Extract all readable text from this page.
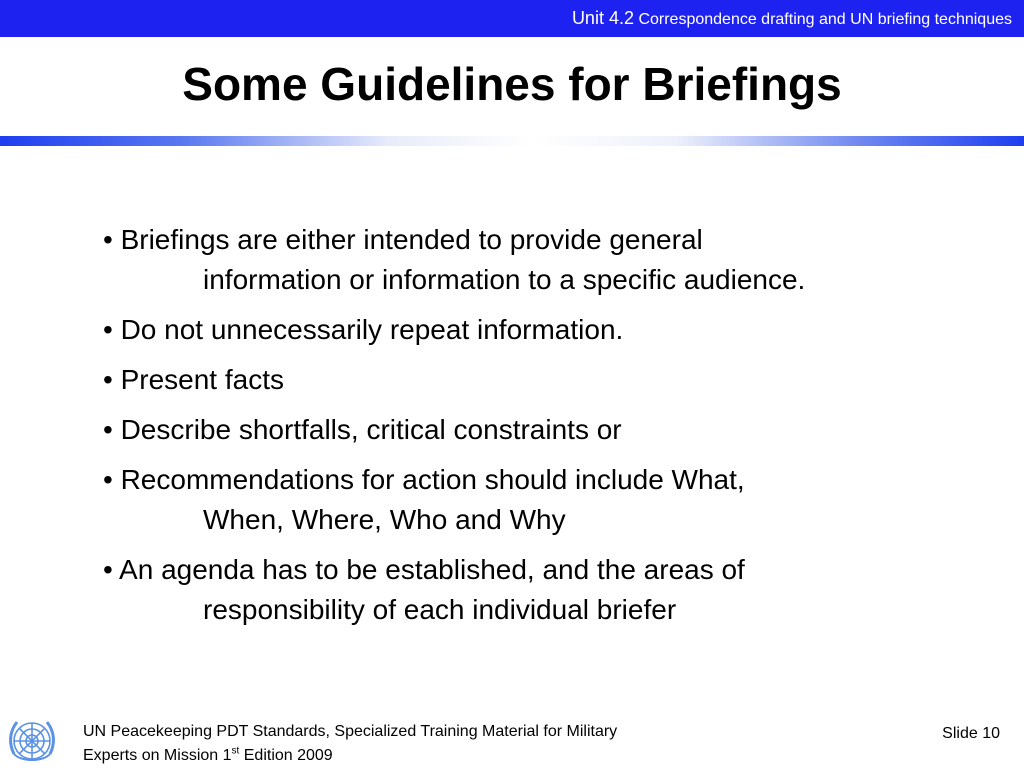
Unit 4.2 Correspondence drafting and UN briefing techniques
Some Guidelines for Briefings
• Briefings are either intended to provide general
information or information to a specific audience.
• Do not unnecessarily repeat information.
• Present facts
• Describe shortfalls, critical constraints or
• Recommendations for action should include What,
When, Where, Who and Why
• An agenda has to be established, and the areas of
responsibility of each individual briefer
UN Peacekeeping PDT Standards, Specialized Training Material for Military
Experts on Mission 1st Edition 2009
Slide 10
